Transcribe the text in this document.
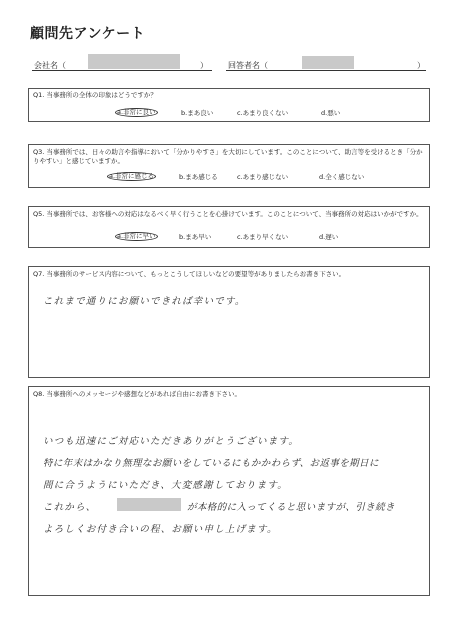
顧問先アンケート
会社名（	）	回答者名（	）
Q1. 当事務所の全体の印象はどうですか？
a.非常に良い	b.まあ良い	c.あまり良くない	d.悪い
Q3. 当事務所では、日々の助言や指導において「分かりやすさ」を大切にしています。このことについて、助言等を受けるとき「分かりやすい」と感じていますか。
a.非常に感じる	b.まあ感じる	c.あまり感じない	d.全く感じない
Q5. 当事務所では、お客様への対応はなるべく早く行うことを心掛けています。このことについて、当事務所の対応はいかがですか。
a.非常に早い	b.まあ早い	c.あまり早くない	d.遅い
Q7. 当事務所のサービス内容について、もっとこうしてほしいなどの要望等がありましたらお書き下さい。
これまで通りにお願いできれば幸いです。
Q8. 当事務所へのメッセージや感想などがあれば自由にお書き下さい。
いつも迅速にご対応いただきありがとうございます。
特に年末はかなり無理なお願いをしているにもかかわらず、お返事を期日に
間に合うようにいただき、大変感謝しております。
これから、	が本格的に入ってくると思いますが、引き続き
よろしくお付き合いの程、お願い申し上げます。
